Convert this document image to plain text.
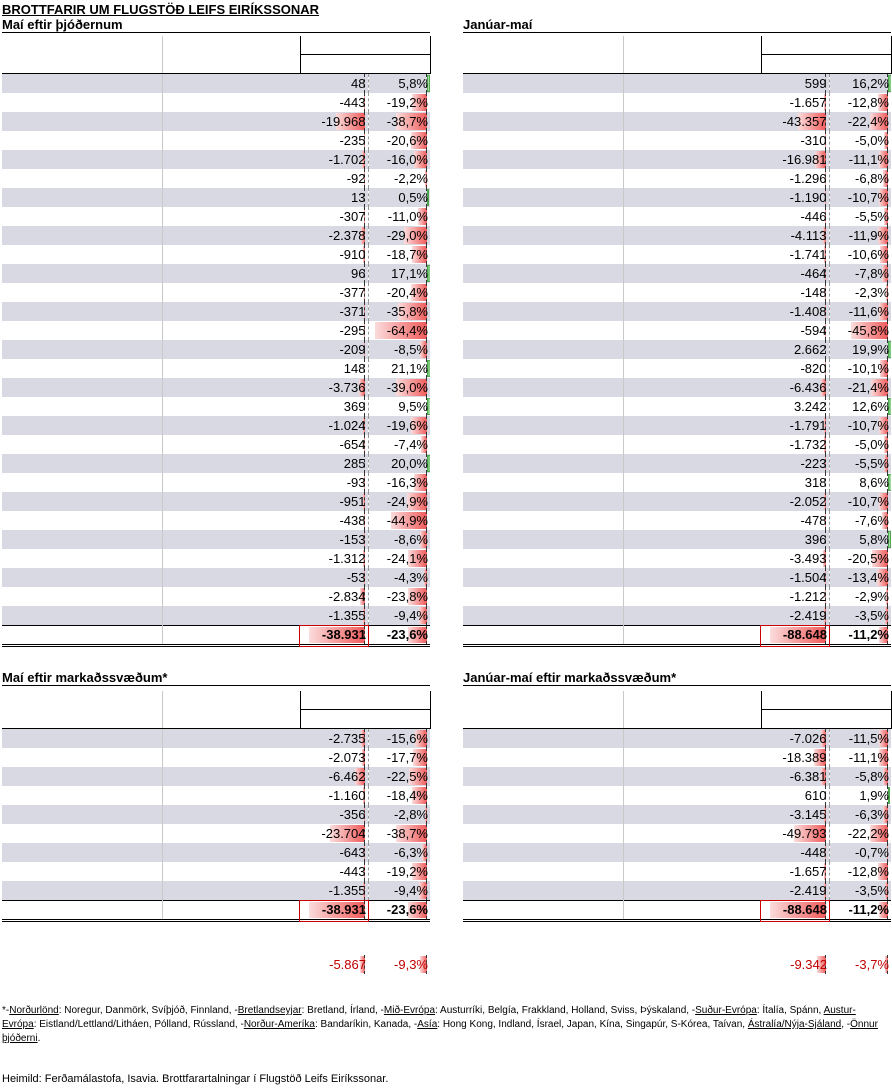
BROTTFARIR UM FLUGSTÖÐ LEIFS EIRÍKSSONAR
Maí eftir þjóðernum	Janúar-maí

48	5,8%

-443	-19,2%

-19.968	-38,7%

-235	-20,6%

-1.702	-16,0%

-92	-2,2%

13	0,5%

-307	-11,0%

-2.378	-29,0%

-910	-18,7%

96	17,1%

-377	-20,4%

-371	-35,8%

-295	-64,4%

-209	-8,5%

148	21,1%

-3.736	-39,0%

369	9,5%

-1.024	-19,6%

-654	-7,4%

285	20,0%

-93	-16,3%

-951	-24,9%

-438	-44,9%

-153	-8,6%

-1.312	-24,1%

-53	-4,3%

-2.834	-23,8%

-1.355	-9,4%

-38.931	-23,6%

599	16,2%

-1.657	-12,8%

-43.357	-22,4%

-310	-5,0%

-16.981	-11,1%

-1.296	-6,8%

-1.190	-10,7%

-446	-5,5%

-4.113	-11,9%

-1.741	-10,6%

-464	-7,8%

-148	-2,3%

-1.408	-11,6%

-594	-45,8%

2.662	19,9%

-820	-10,1%

-6.436	-21,4%

3.242	12,6%

-1.791	-10,7%

-1.732	-5,0%

-223	-5,5%

318	8,6%

-2.052	-10,7%

-478	-7,6%

396	5,8%

-3.493	-20,5%

-1.504	-13,4%

-1.212	-2,9%

-2.419	-3,5%

-88.648	-11,2%
Maí eftir markaðssvæðum*	Janúar-maí eftir markaðssvæðum*

-2.735	-15,6%

-2.073	-17,7%

-6.462	-22,5%

-1.160	-18,4%

-356	-2,8%

-23.704	-38,7%

-643	-6,3%

-443	-19,2%

-1.355	-9,4%

-38.931	-23,6%

-7.026	-11,5%

-18.389	-11,1%

-6.381	-5,8%

610	1,9%

-3.145	-6,3%

-49.793	-22,2%

-448	-0,7%

-1.657	-12,8%

-2.419	-3,5%

-88.648	-11,2%

-5.867	-9,3%
				-9.342	-3,7%
*-Norðurlönd: Noregur, Danmörk, Svíþjóð, Finnland, -Bretlandseyjar: Bretland, Írland, -Mið-Evrópa: Austurríki, Belgía, Frakkland, Holland, Sviss, Þýskaland, -Suður-Evrópa: Ítalía, Spánn, Austur-Evrópa: Eistland/Lettland/Litháen, Pólland, Rússland, -Norður-Ameríka: Bandaríkin, Kanada, -Asía: Hong Kong, Indland, Ísrael, Japan, Kína, Singapúr, S-Kórea, Taívan, Ástralía/Nýja-Sjáland, -Önnur þjóðerni.
Heimild: Ferðamálastofa, Isavia. Brottfarartalningar í Flugstöð Leifs Eiríkssonar.
